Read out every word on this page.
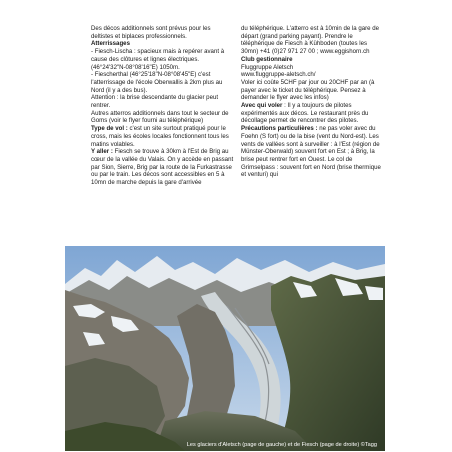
Des décos additionnels sont prévus pour les deltistes et biplaces professionnels.

Atterrissages

- Fiesch-Lischa : spacieux mais à repérer avant à cause des clôtures et lignes électriques. (46°24'32"N-08°08'16"E) 1050m.

- Fiescherthal (46°25'18"N-08°08'45"E) c'est l'atterrissage de l'école Oberwallis à 2km plus au Nord (il y a des bus).

Attention : la brise descendante du glacier peut rentrer.

Autres atterros additionnels dans tout le secteur de Goms (voir le flyer fourni au téléphérique)

Type de vol : c'est un site surtout pratiqué pour le cross, mais les écoles locales fonctionnent tous les matins volables.

Y aller : Fiesch se trouve à 30km à l'Est de Brig au cœur de la vallée du Valais. On y accède en passant par Sion, Sierre, Brig par la route de la Furkastrasse ou par le train. Les décos sont accessibles en 5 à 10mn de marche depuis la gare d'arrivée

du téléphérique. L'atterro est à 10min de la gare de départ (grand parking payant). Prendre le téléphérique de Fiesch à Kühboden (toutes les 30mn) +41 (0)27 971 27 00 ; www.eggishorn.ch

Club gestionnaire

Fluggruppe Aletsch

www.fluggruppe-aletsch.ch/

Voler ici coûte 5CHF par jour ou 20CHF par an (à payer avec le ticket du téléphérique. Pensez à demander le flyer avec les infos)

Avec qui voler : Il y a toujours de pilotes expérimentés aux décos. Le restaurant près du décollage permet de rencontrer des pilotes.

Précautions particulières : ne pas voler avec du Foehn (S fort) ou de la bise (vent du Nord-est). Les vents de vallées sont à surveiller : à l'Est (région de Münster-Oberwald) souvent fort en Est ; à Brig, la brise peut rentrer fort en Ouest. Le col de Grimselpass : souvent fort en Nord (brise thermique et venturi) qui

Les glaciers d'Aletsch (page de gauche) et de Fiesch (page de droite) ©Tagg
